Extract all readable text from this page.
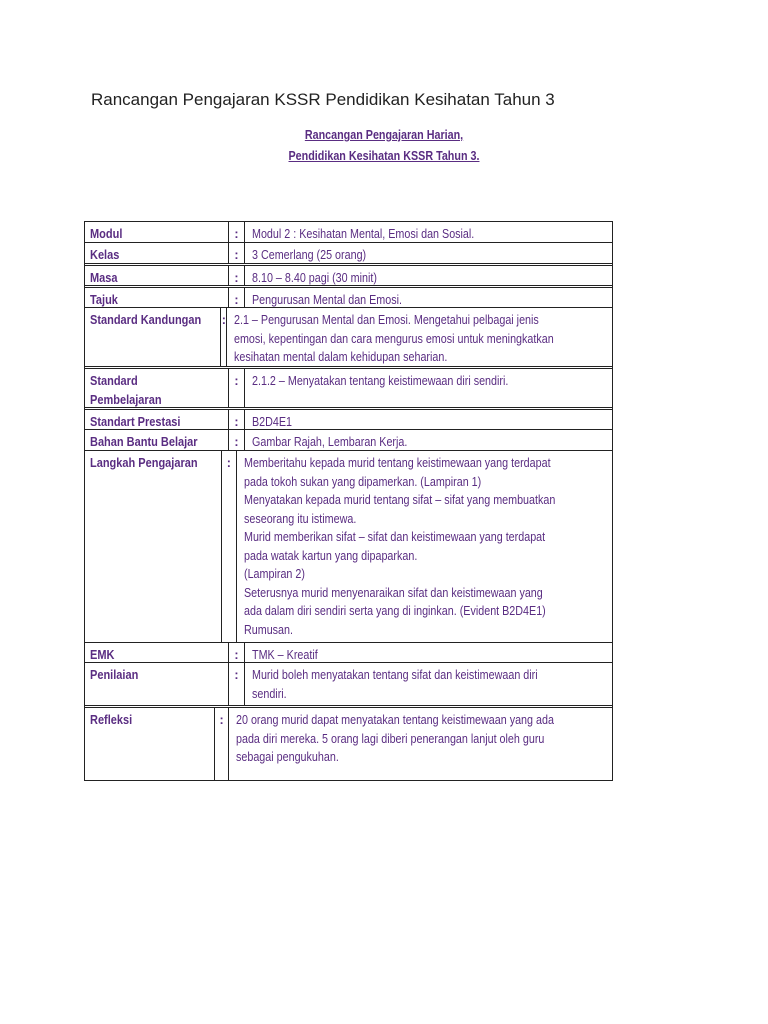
Rancangan Pengajaran KSSR Pendidikan Kesihatan Tahun 3
Rancangan Pengajaran Harian,
Pendidikan Kesihatan KSSR Tahun 3.
Modul	:	Modul 2 : Kesihatan Mental, Emosi dan Sosial.
Kelas	:	3 Cemerlang (25 orang)
Masa	:	8.10 – 8.40 pagi (30 minit)
Tajuk	:	Pengurusan Mental dan Emosi.
Standard Kandungan	: 2.1 – Pengurusan Mental dan Emosi. Mengetahui pelbagai jenis
emosi, kepentingan dan cara mengurus emosi untuk meningkatkan
kesihatan mental dalam kehidupan seharian.
Standard
Pembelajaran
:	2.1.2 – Menyatakan tentang keistimewaan diri sendiri.
Standart Prestasi	:	B2D4E1
Bahan Bantu Belajar	:	Gambar Rajah, Lembaran Kerja.
Langkah Pengajaran	:	Memberitahu kepada murid tentang keistimewaan yang terdapat
pada tokoh sukan yang dipamerkan. (Lampiran 1)
Menyatakan kepada murid tentang sifat – sifat yang membuatkan
seseorang itu istimewa.
Murid memberikan sifat – sifat dan keistimewaan yang terdapat
pada watak kartun yang dipaparkan.
(Lampiran 2)
Seterusnya murid menyenaraikan sifat dan keistimewaan yang
ada dalam diri sendiri serta yang di inginkan. (Evident B2D4E1)
Rumusan.
EMK	:	TMK – Kreatif
Penilaian	:	Murid boleh menyatakan tentang sifat dan keistimewaan diri
sendiri.
Refleksi	:	20 orang murid dapat menyatakan tentang keistimewaan yang ada
pada diri mereka. 5 orang lagi diberi penerangan lanjut oleh guru
sebagai pengukuhan.
